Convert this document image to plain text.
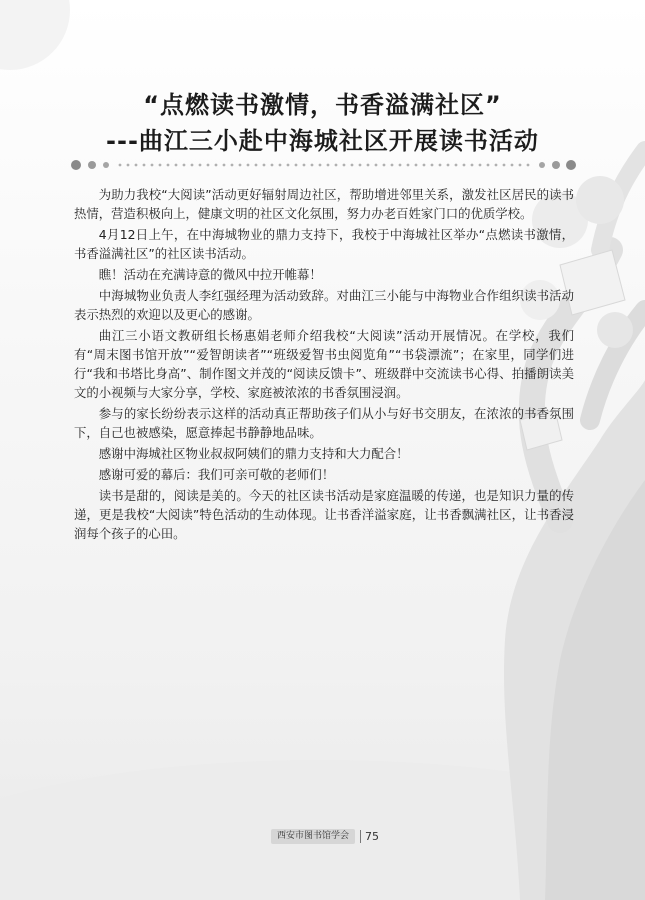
“点燃读书激情，书香溢满社区”
---曲江三小赴中海城社区开展读书活动

为助力我校“大阅读”活动更好辐射周边社区，帮助增进邻里关系，激发社区居民的读书热情，营造积极向上，健康文明的社区文化氛围，努力办老百姓家门口的优质学校。

4月12日上午，在中海城物业的鼎力支持下，我校于中海城社区举办“点燃读书激情，书香溢满社区”的社区读书活动。

瞧！活动在充满诗意的微风中拉开帷幕！

中海城物业负责人李红强经理为活动致辞。对曲江三小能与中海物业合作组织读书活动表示热烈的欢迎以及更心的感谢。

曲江三小语文教研组长杨惠娟老师介绍我校“大阅读”活动开展情况。在学校，我们有“周末图书馆开放”“爱智朗读者”“班级爱智书虫阅览角”“书袋漂流”；在家里，同学们进行“我和书塔比身高”、制作图文并茂的“阅读反馈卡”、班级群中交流读书心得、拍播朗读美文的小视频与大家分享，学校、家庭被浓浓的书香氛围浸润。

参与的家长纷纷表示这样的活动真正帮助孩子们从小与好书交朋友，在浓浓的书香氛围下，自己也被感染，愿意捧起书静静地品味。

感谢中海城社区物业叔叔阿姨们的鼎力支持和大力配合！

感谢可爱的幕后：我们可亲可敬的老师们！

读书是甜的，阅读是美的。今天的社区读书活动是家庭温暖的传递，也是知识力量的传递，更是我校“大阅读”特色活动的生动体现。让书香洋溢家庭，让书香飘满社区，让书香浸润每个孩子的心田。

西安市图书馆学会	75
